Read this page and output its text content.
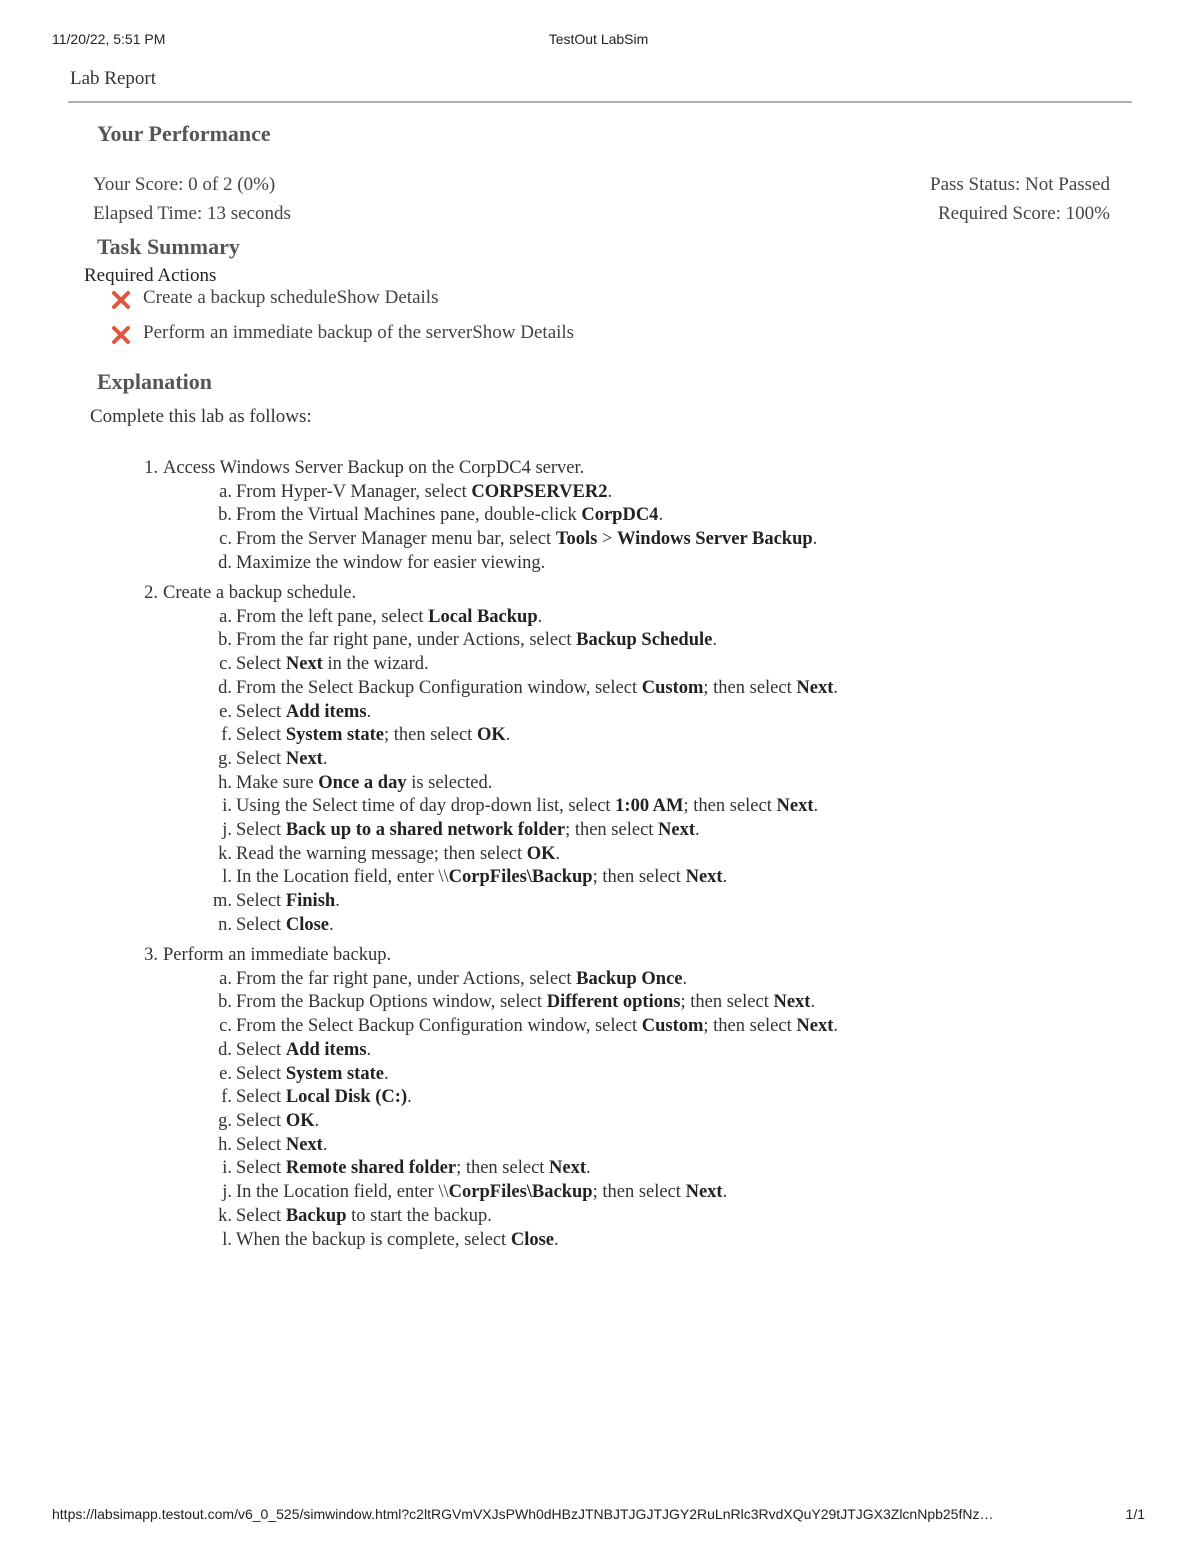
11/20/22, 5:51 PM	TestOut LabSim
Lab Report
Your Performance
Your Score: 0 of 2 (0%)
Elapsed Time: 13 seconds
Pass Status: Not Passed
Required Score: 100%
Task Summary
Required Actions
Create a backup scheduleShow Details
Perform an immediate backup of the serverShow Details
Explanation
Complete this lab as follows:
1. Access Windows Server Backup on the CorpDC4 server.
a. From Hyper-V Manager, select CORPSERVER2.
b. From the Virtual Machines pane, double-click CorpDC4.
c. From the Server Manager menu bar, select Tools > Windows Server Backup.
d. Maximize the window for easier viewing.
2. Create a backup schedule.
a. From the left pane, select Local Backup.
b. From the far right pane, under Actions, select Backup Schedule.
c. Select Next in the wizard.
d. From the Select Backup Configuration window, select Custom; then select Next.
e. Select Add items.
f. Select System state; then select OK.
g. Select Next.
h. Make sure Once a day is selected.
i. Using the Select time of day drop-down list, select 1:00 AM; then select Next.
j. Select Back up to a shared network folder; then select Next.
k. Read the warning message; then select OK.
l. In the Location field, enter \\CorpFiles\Backup; then select Next.
m. Select Finish.
n. Select Close.
3. Perform an immediate backup.
a. From the far right pane, under Actions, select Backup Once.
b. From the Backup Options window, select Different options; then select Next.
c. From the Select Backup Configuration window, select Custom; then select Next.
d. Select Add items.
e. Select System state.
f. Select Local Disk (C:).
g. Select OK.
h. Select Next.
i. Select Remote shared folder; then select Next.
j. In the Location field, enter \\CorpFiles\Backup; then select Next.
k. Select Backup to start the backup.
l. When the backup is complete, select Close.
https://labsimapp.testout.com/v6_0_525/simwindow.html?c2ltRGVmVXJsPWh0dHBzJTNBJTJGJTJGY2RuLnRlc3RvdXQuY29tJTJGX3ZlcnNpb25fNz…	1/1
